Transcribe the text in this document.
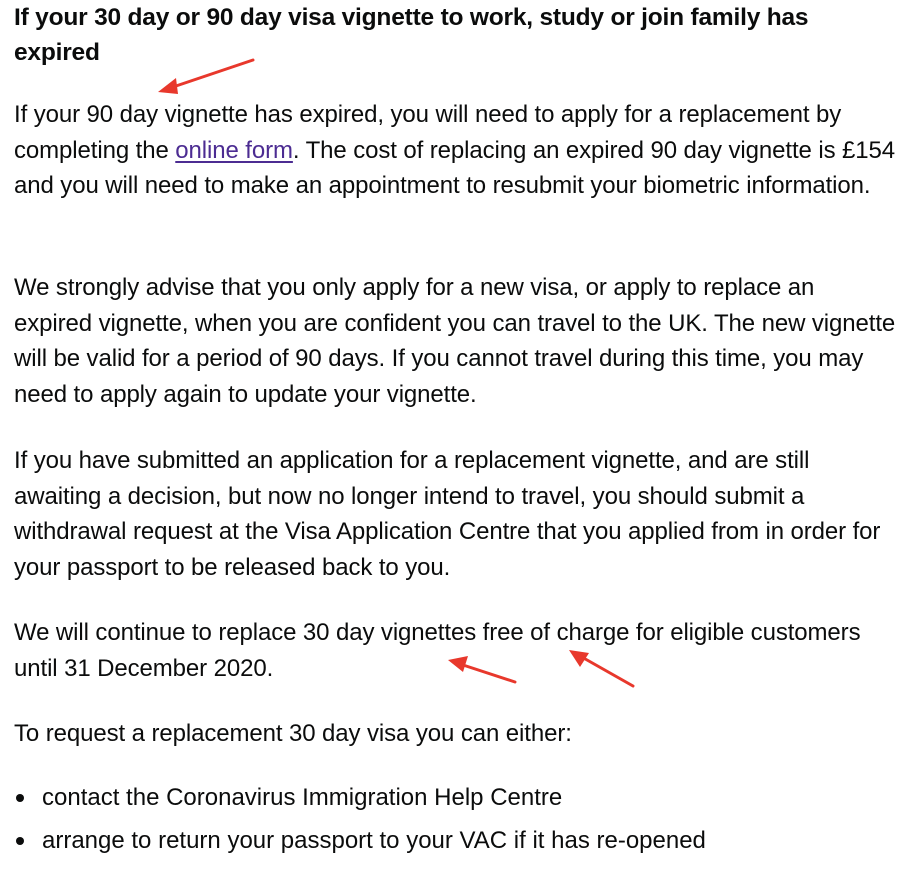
If your 30 day or 90 day visa vignette to work, study or join family has expired

If your 90 day vignette has expired, you will need to apply for a replacement by completing the online form. The cost of replacing an expired 90 day vignette is £154 and you will need to make an appointment to resubmit your biometric information.

We strongly advise that you only apply for a new visa, or apply to replace an expired vignette, when you are confident you can travel to the UK. The new vignette will be valid for a period of 90 days. If you cannot travel during this time, you may need to apply again to update your vignette.

If you have submitted an application for a replacement vignette, and are still awaiting a decision, but now no longer intend to travel, you should submit a withdrawal request at the Visa Application Centre that you applied from in order for your passport to be released back to you.

We will continue to replace 30 day vignettes free of charge for eligible customers until 31 December 2020.

To request a replacement 30 day visa you can either:

contact the Coronavirus Immigration Help Centre
arrange to return your passport to your VAC if it has re-opened
